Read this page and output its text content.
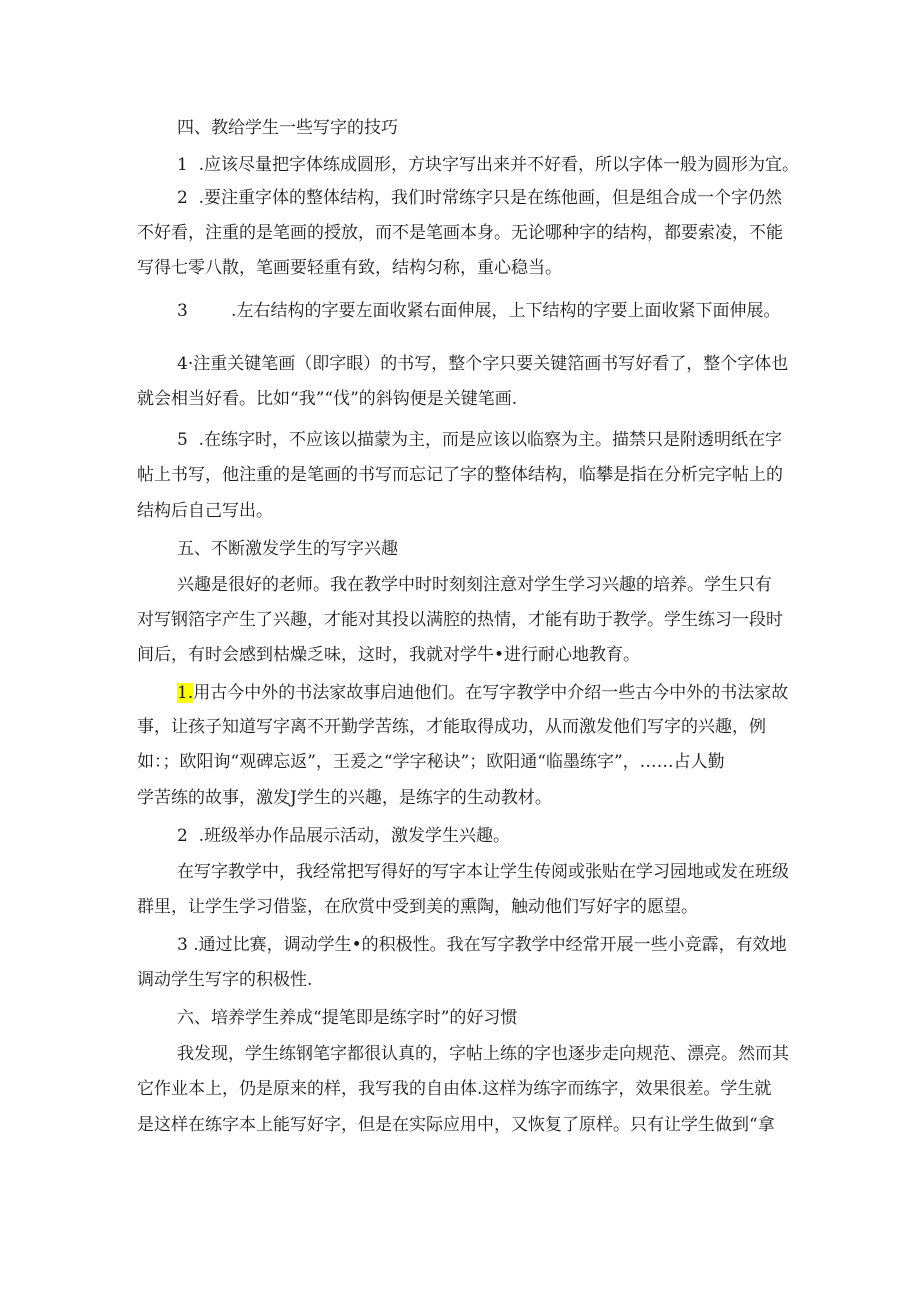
四、教给学生一些写字的技巧

1  .应该尽量把字体练成圆形，方块字写出来并不好看，所以字体一般为圆形为宜。

2  .要注重字体的整体结构，我们时常练字只是在练他画，但是组合成一个字仍然

不好看，注重的是笔画的授放，而不是笔画本身。无论哪种字的结构，都要索凌，不能

写得七零八散，笔画要轻重有致，结构匀称，重心稳当。

3        .左右结构的字要左面收紧右面伸展，上下结构的字要上面收紧下面伸展。

4·注重关键笔画（即字眼）的书写，整个字只要关键箔画书写好看了，整个字体也

就会相当好看。比如“我”“伐”的斜钩便是关键笔画.

5  .在练字时，不应该以描蒙为主，而是应该以临察为主。描禁只是附透明纸在字

帖上书写，他注重的是笔画的书写而忘记了字的整体结构，临攀是指在分析完字帖上的

结构后自己写出。

五、不断激发学生的写字兴趣

兴趣是很好的老师。我在教学中时时刻刻注意对学生学习兴趣的培养。学生只有

对写钢箔字产生了兴趣，才能对其投以满腔的热情，才能有助于教学。学生练习一段时

间后，有时会感到枯燥乏味，这时，我就对学牛•进行耐心地教育。

1.用古今中外的书法家故事启迪他们。在写字教学中介绍一些古今中外的书法家故

事，让孩子知道写字离不开勤学苦练，才能取得成功，从而激发他们写字的兴趣，例

如：；欧阳询“观碑忘返”，王爰之“学字秘诀”；欧阳通“临墨练字”，……占人勤

学苦练的故事，激发J学生的兴趣，是练字的生动教材。

2  .班级举办作品展示活动，激发学生兴趣。

在写字教学中，我经常把写得好的写字本让学生传阅或张贴在学习园地或发在班级

群里，让学生学习借鉴，在欣赏中受到美的熏陶，触动他们写好字的愿望。

3 .通过比赛，调动学生•的积极性。我在写字教学中经常开展一些小竞霹，有效地

调动学生写字的积极性.

六、培养学生养成“提笔即是练字时”的好习惯

我发现，学生练钢笔字都很认真的，字帖上练的字也逐步走向规范、漂亮。然而其

它作业本上，仍是原来的样，我写我的自由体.这样为练字而练字，效果很差。学生就

是这样在练字本上能写好字，但是在实际应用中，又恢复了原样。只有让学生做到“拿
